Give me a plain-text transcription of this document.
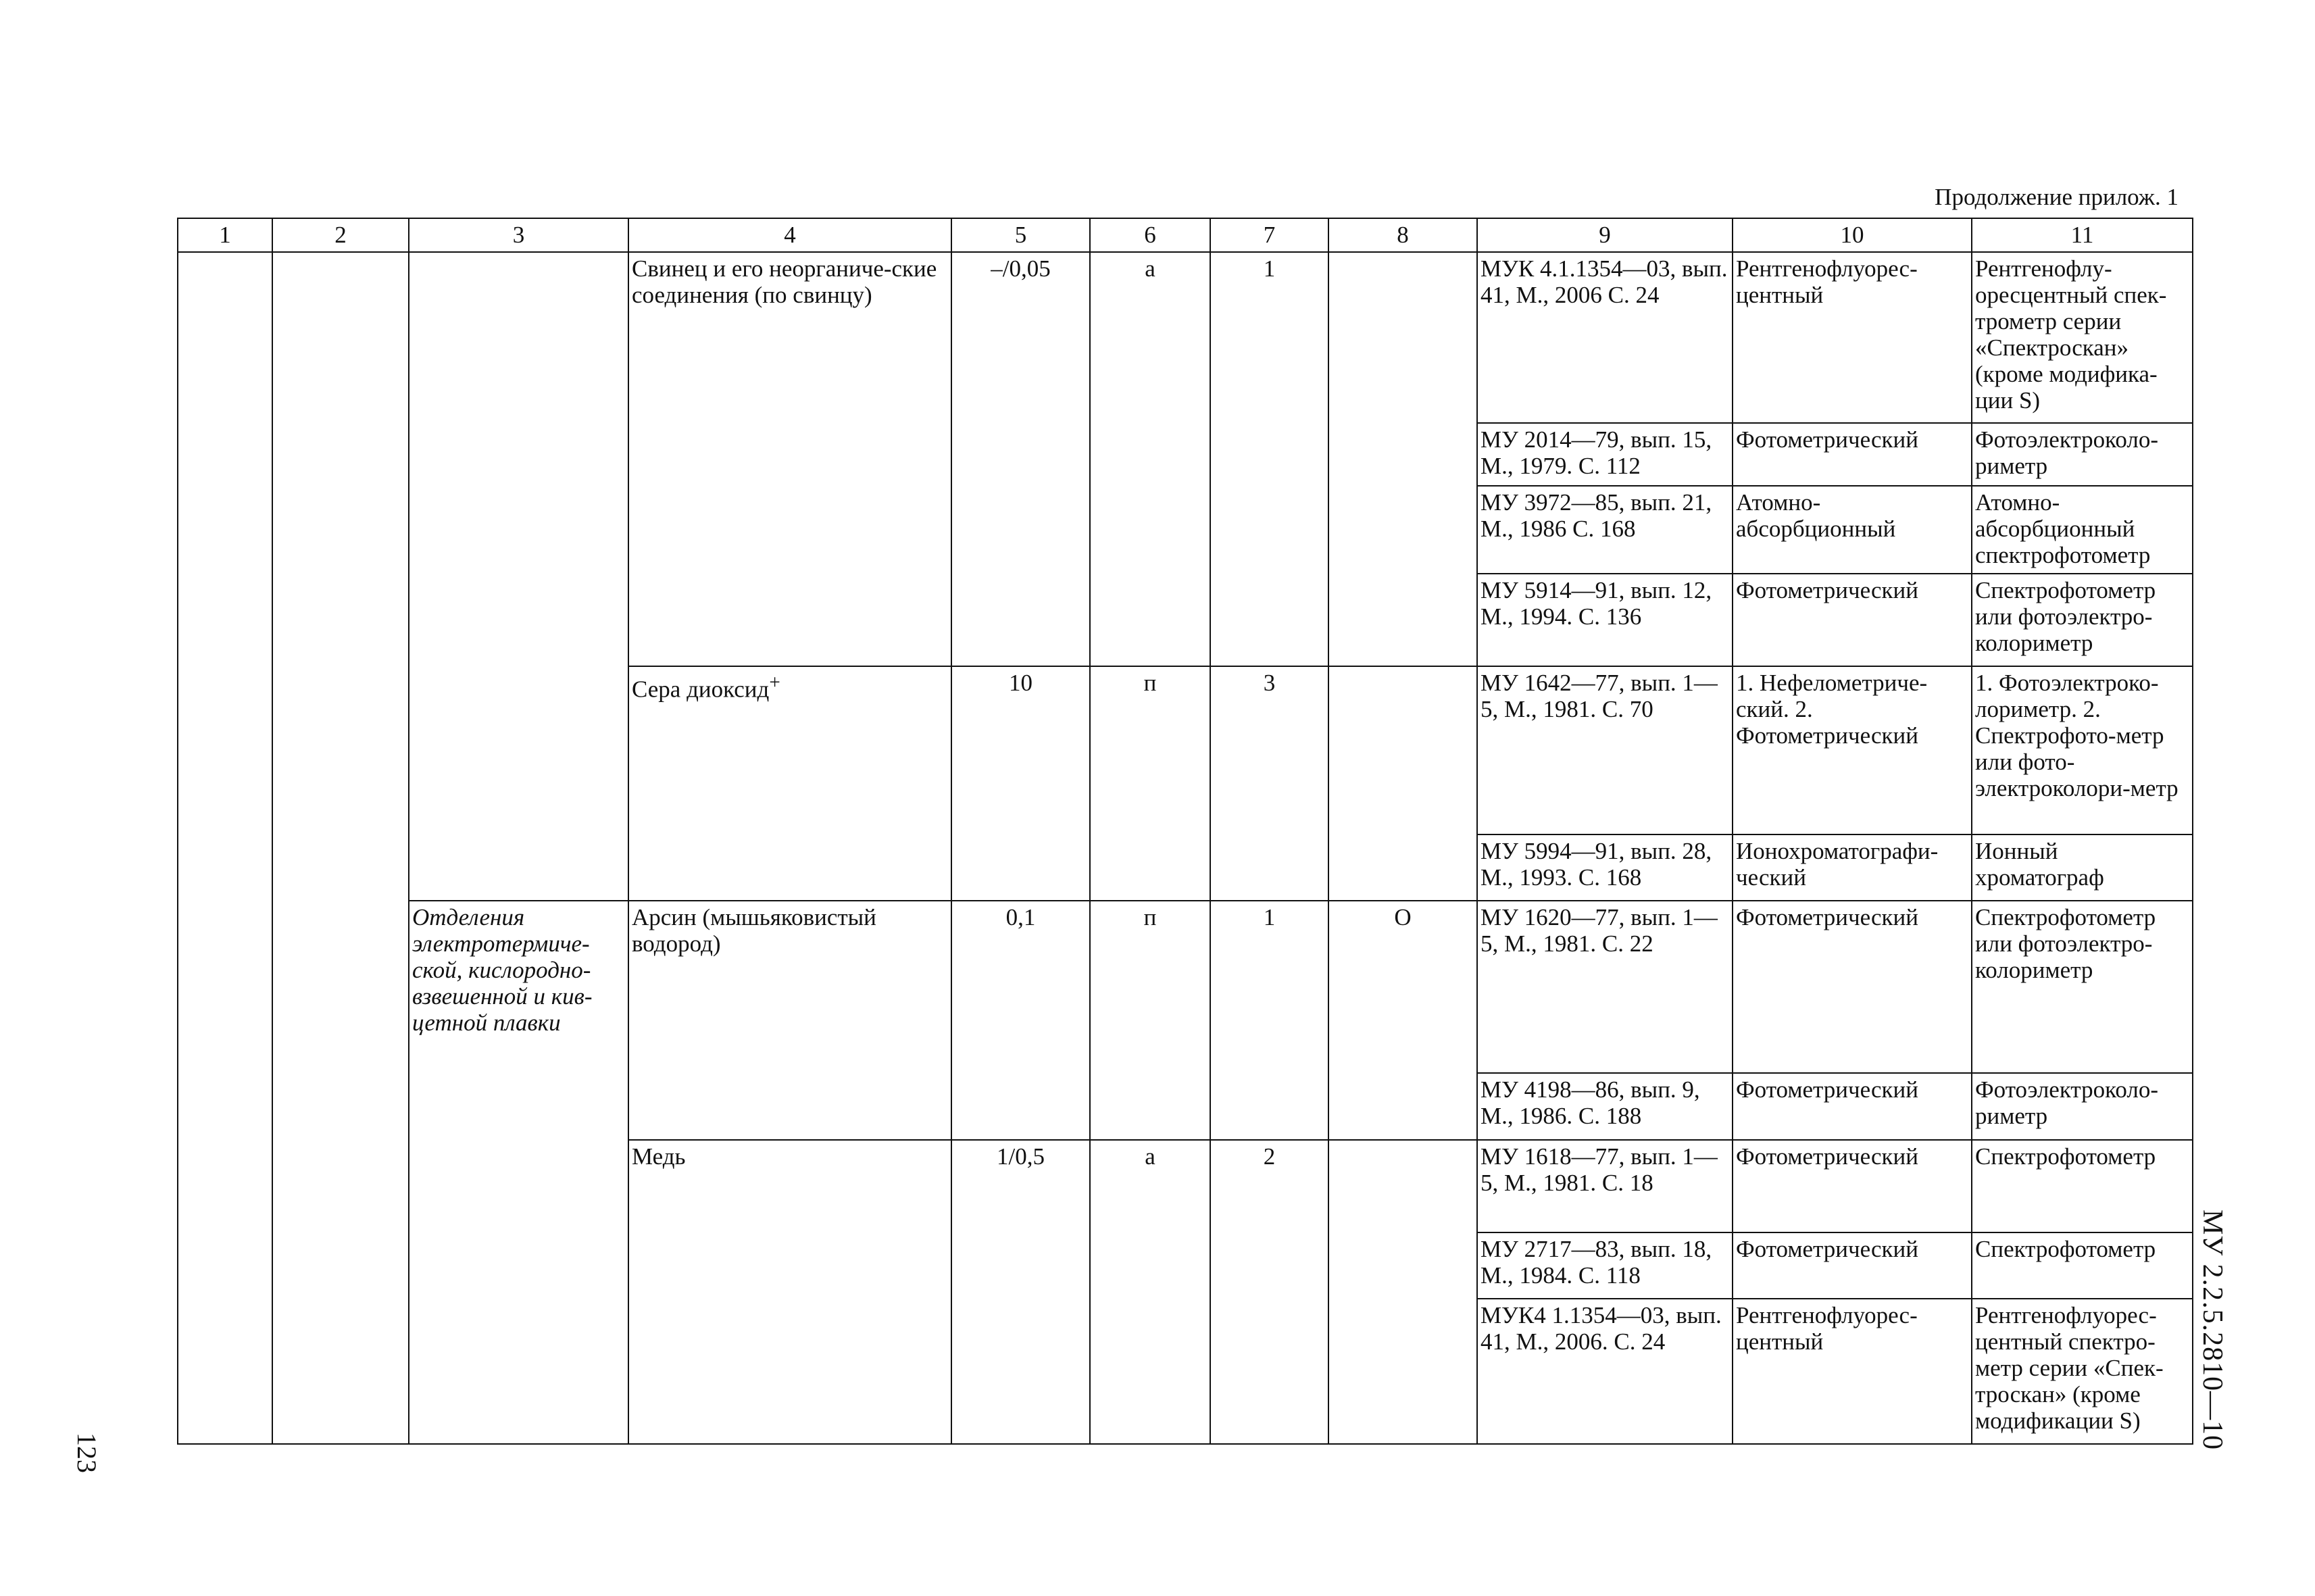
Продолжение прилож. 1
1	2	3	4	5	6	7	8	9	10	11
			Свинец и его неорганиче-ские соединения (по свинцу)	–/0,05	а	1		МУК 4.1.1354—03, вып. 41, М., 2006 С. 24	Рентгенофлуорес-центный	Рентгенофлу-оресцентный спек-трометр серии «Спектроскан» (кроме модифика-ции S)
								МУ 2014—79, вып. 15, М., 1979. С. 112	Фотометрический	Фотоэлектроколо-риметр
								МУ 3972—85, вып. 21, М., 1986 С. 168	Атомно-абсорбционный	Атомно-абсорбционный спектрофотометр
								МУ 5914—91, вып. 12, М., 1994. С. 136	Фотометрический	Спектрофотометр или фотоэлектро-колориметр
			Сера диоксид+	10	п	3		МУ 1642—77, вып. 1—5, М., 1981. С. 70	1. Нефелометриче-ский. 2. Фотометрический	1. Фотоэлектроко-лориметр. 2. Спектрофото-метр или фото-электроколори-метр
								МУ 5994—91, вып. 28, М., 1993. С. 168	Ионохроматографи-ческий	Ионный хроматограф
		Отделения электротермиче-ской, кислородно-взвешенной и кив-цетной плавки	Арсин (мышьяковистый водород)	0,1	п	1	О	МУ 1620—77, вып. 1—5, М., 1981. С. 22	Фотометрический	Спектрофотометр или фотоэлектро-колориметр
								МУ 4198—86, вып. 9, М., 1986. С. 188	Фотометрический	Фотоэлектроколо-риметр
			Медь	1/0,5	а	2		МУ 1618—77, вып. 1—5, М., 1981. С. 18	Фотометрический	Спектрофотометр
								МУ 2717—83, вып. 18, М., 1984. С. 118	Фотометрический	Спектрофотометр
								МУК4 1.1354—03, вып. 41, М., 2006. С. 24	Рентгенофлуорес-центный	Рентгенофлуорес-центный спектро-метр серии «Спек-троскан» (кроме модификации S)
123
МУ 2.2.5.2810—10
